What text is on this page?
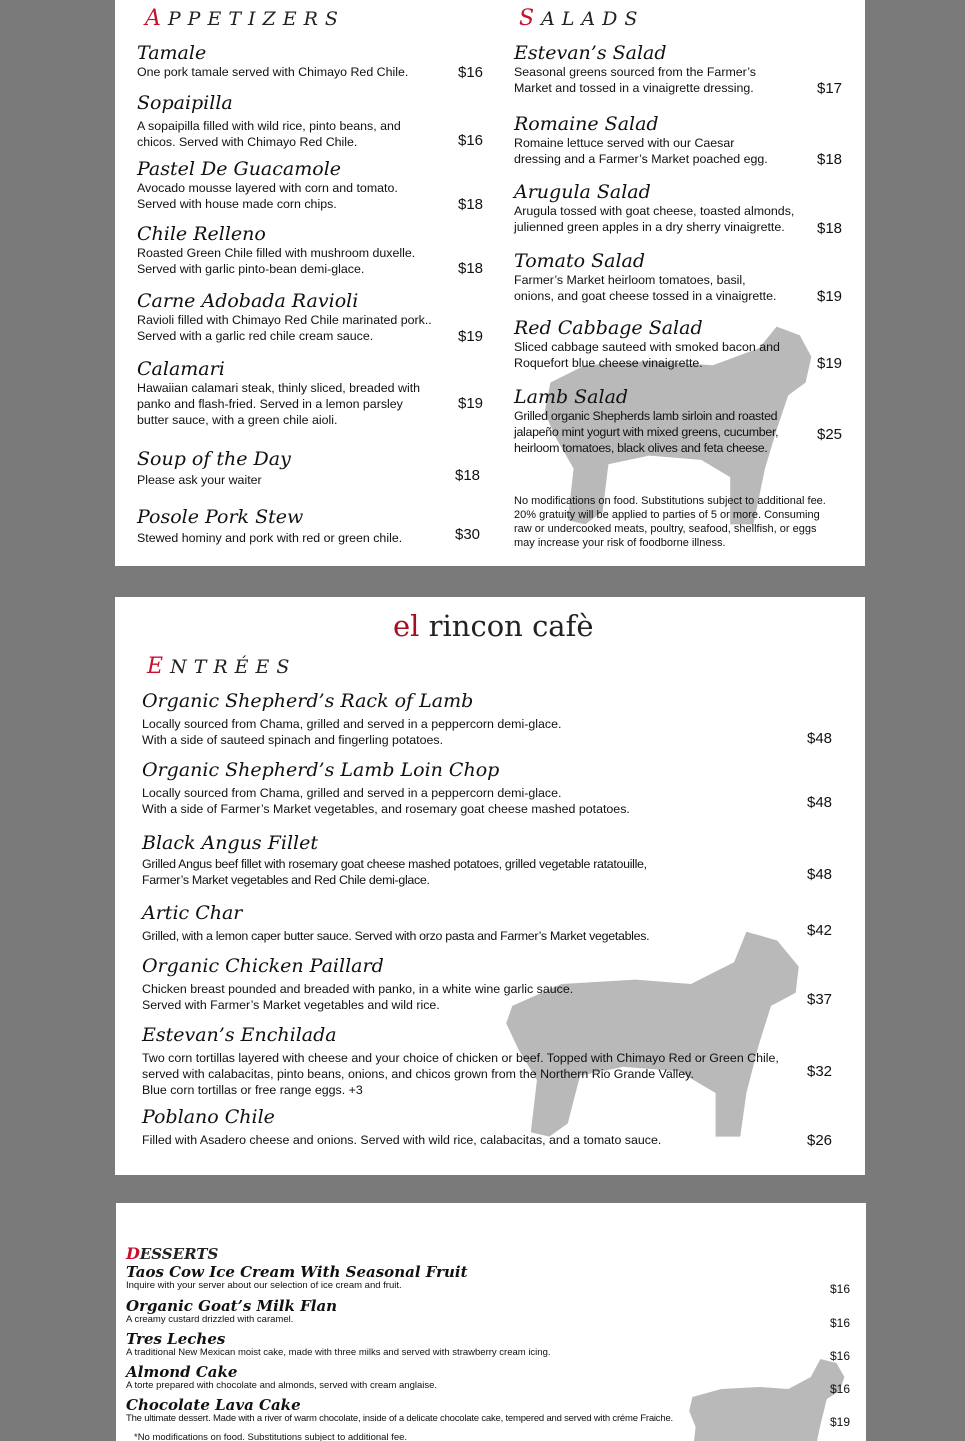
APPETIZERS
Tamale
One pork tamale served with Chimayo Red Chile.	$16
Sopaipilla
A sopaipilla filled with wild rice, pinto beans, and chicos. Served with Chimayo Red Chile.	$16
Pastel De Guacamole
Avocado mousse layered with corn and tomato. Served with house made corn chips.	$18
Chile Relleno
Roasted Green Chile filled with mushroom duxelle. Served with garlic pinto-bean demi-glace.	$18
Carne Adobada Ravioli
Ravioli filled with Chimayo Red Chile marinated pork.. Served with a garlic red chile cream sauce.	$19
Calamari
Hawaiian calamari steak, thinly sliced, breaded with panko and flash-fried. Served in a lemon parsley butter sauce, with a green chile aioli.
$19
Soup of the Day
Please ask your waiter	$18
Posole Pork Stew
Stewed hominy and pork with red or green chile.	$30
SALADS
Estevan’s Salad
Seasonal greens sourced from the Farmer’s Market and tossed in a vinaigrette dressing.	$17
Romaine Salad
Romaine lettuce served with our Caesar dressing and a Farmer’s Market poached egg.	$18
Arugula Salad
Arugula tossed with goat cheese, toasted almonds, julienned green apples in a dry sherry vinaigrette.	$18
Tomato Salad
Farmer’s Market heirloom tomatoes, basil, onions, and goat cheese tossed in a vinaigrette.	$19
Red Cabbage Salad
Sliced cabbage sauteed with smoked bacon and Roquefort blue cheese vinaigrette.	$19
Lamb Salad
Grilled organic Shepherds lamb sirloin and roasted jalapeño mint yogurt with mixed greens, cucumber, heirloom tomatoes, black olives and feta cheese.
$25
No modifications on food. Substitutions subject to additional fee. 20% gratuity will be applied to parties of 5 or more. Consuming raw or undercooked meats, poultry, seafood, shellfish, or eggs may increase your risk of foodborne illness.
el rincon cafè
ENTRÉES
Organic Shepherd’s Rack of Lamb
Locally sourced from Chama, grilled and served in a peppercorn demi-glace.
With a side of sauteed spinach and fingerling potatoes.	$48
Organic Shepherd’s Lamb Loin Chop
Locally sourced from Chama, grilled and served in a peppercorn demi-glace.
With a side of Farmer’s Market vegetables, and rosemary goat cheese mashed potatoes.	$48
Black Angus Fillet
Grilled Angus beef fillet with rosemary goat cheese mashed potatoes, grilled vegetable ratatouille,
Farmer’s Market vegetables and Red Chile demi-glace.	$48
Artic Char
Grilled, with a lemon caper butter sauce. Served with orzo pasta and Farmer’s Market vegetables.	$42
Organic Chicken Paillard
Chicken breast pounded and breaded with panko, in a white wine garlic sauce.
Served with Farmer’s Market vegetables and wild rice.	$37
Estevan’s Enchilada
Two corn tortillas layered with cheese and your choice of chicken or beef. Topped with Chimayo Red or Green Chile,
served with calabacitas, pinto beans, onions, and chicos grown from the Northern Rio Grande Valley.
Blue corn tortillas or free range eggs. +3
$32
Poblano Chile
Filled with Asadero cheese and onions. Served with wild rice, calabacitas, and a tomato sauce.	$26
DESSERTS
Taos Cow Ice Cream With Seasonal Fruit
Inquire with your server about our selection of ice cream and fruit.	$16
Organic Goat’s Milk Flan
A creamy custard drizzled with caramel.	$16
Tres Leches
A traditional New Mexican moist cake, made with three milks and served with strawberry cream icing.	$16
Almond Cake
A torte prepared with chocolate and almonds, served with cream anglaise.	$16
Chocolate Lava Cake
The ultimate dessert. Made with a river of warm chocolate, inside of a delicate chocolate cake, tempered and served with créme Fraiche.	$19
*No modifications on food. Substitutions subject to additional fee.
